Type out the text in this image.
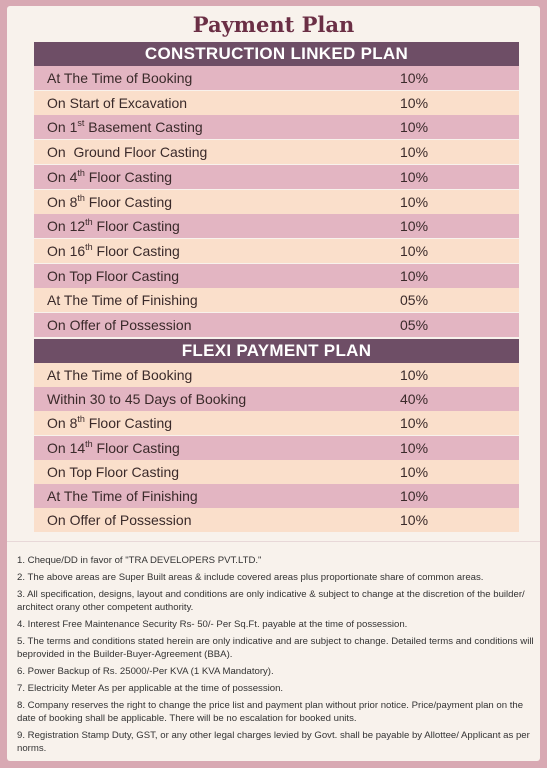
Payment Plan
CONSTRUCTION LINKED PLAN
At The Time of Booking	10%
On Start of Excavation	10%
On 1st Basement Casting	10%
On  Ground Floor Casting	10%
On 4th Floor Casting	10%
On 8th Floor Casting	10%
On 12th Floor Casting	10%
On 16th Floor Casting	10%
On Top Floor Casting	10%
At The Time of Finishing	05%
On Offer of Possession	05%
FLEXI PAYMENT PLAN
At The Time of Booking	10%
Within 30 to 45 Days of Booking	40%
On 8th Floor Casting	10%
On 14th Floor Casting	10%
On Top Floor Casting	10%
At The Time of Finishing	10%
On Offer of Possession	10%
1. Cheque/DD in favor of "TRA DEVELOPERS PVT.LTD."
2. The above areas are Super Built areas & include covered areas plus proportionate share of common areas.
3. All specification, designs, layout and conditions are only indicative & subject to change at the discretion of the builder/ architect orany other competent authority.
4. Interest Free Maintenance Security Rs- 50/- Per Sq.Ft. payable at the time of possession.
5. The terms and conditions stated herein are only indicative and are subject to change. Detailed terms and conditions will beprovided in the Builder-Buyer-Agreement (BBA).
6. Power Backup of Rs. 25000/-Per KVA (1 KVA Mandatory).
7. Electricity Meter As per applicable at the time of possession.
8. Company reserves the right to change the price list and payment plan without prior notice. Price/payment plan on the date of booking shall be applicable. There will be no escalation for booked units.
9. Registration Stamp Duty, GST, or any other legal charges levied by Govt. shall be payable by Allottee/ Applicant as per norms.
